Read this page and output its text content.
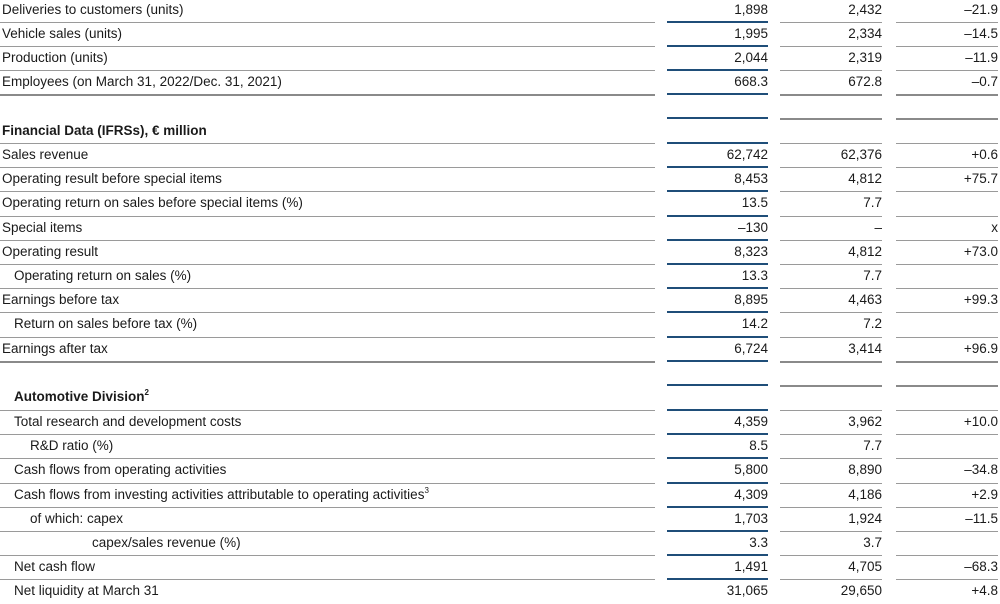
Deliveries to customers (units)	1,898	2,432	–21.9
Vehicle sales (units)	1,995	2,334	–14.5
Production (units)	2,044	2,319	–11.9
Employees (on March 31, 2022/Dec. 31, 2021)	668.3	672.8	–0.7
Financial Data (IFRSs), € million
Sales revenue	62,742	62,376	+0.6
Operating result before special items	8,453	4,812	+75.7
Operating return on sales before special items (%)	13.5	7.7
Special items	–130	–	x
Operating result	8,323	4,812	+73.0
Operating return on sales (%)	13.3	7.7
Earnings before tax	8,895	4,463	+99.3
Return on sales before tax (%)	14.2	7.2
Earnings after tax	6,724	3,414	+96.9
Automotive Division$^2$
Total research and development costs	4,359	3,962	+10.0
R&D ratio (%)	8.5	7.7
Cash flows from operating activities	5,800	8,890	–34.8
Cash flows from investing activities attributable to operating activities$^3$	4,309	4,186	+2.9
of which: capex	1,703	1,924	–11.5
capex/sales revenue (%)	3.3	3.7
Net cash flow	1,491	4,705	–68.3
Net liquidity at March 31	31,065	29,650	+4.8
